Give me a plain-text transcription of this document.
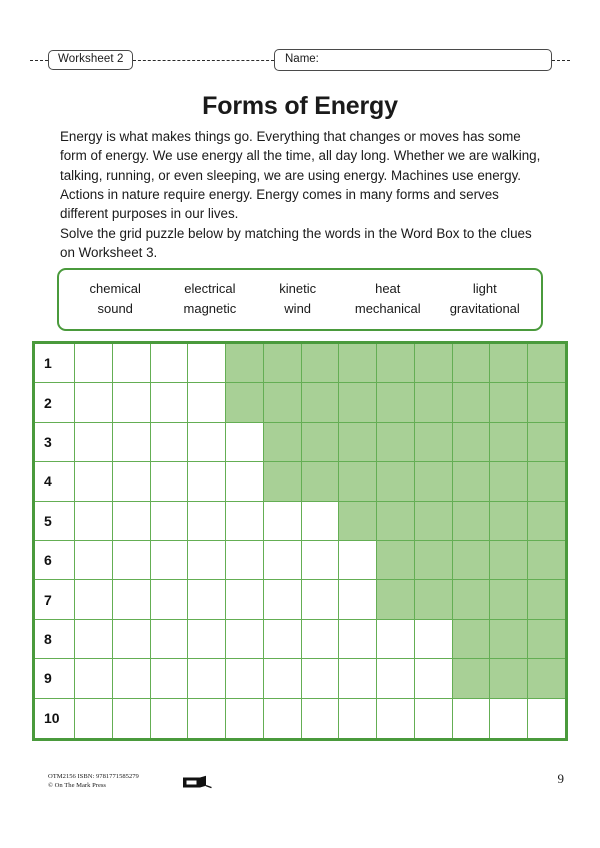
Worksheet 2	Name:
Forms of Energy
Energy is what makes things go. Everything that changes or moves has some form of energy. We use energy all the time, all day long. Whether we are walking, talking, running, or even sleeping, we are using energy. Machines use energy. Actions in nature require energy. Energy comes in many forms and serves different purposes in our lives.
Solve the grid puzzle below by matching the words in the Word Box to the clues on Worksheet 3.
chemical	electrical	kinetic	heat	light
sound	magnetic	wind	mechanical	gravitational
1
2
3
4
5
6
7
8
9
10
OTM2156 ISBN: 9781771585279
© On The Mark Press	9
